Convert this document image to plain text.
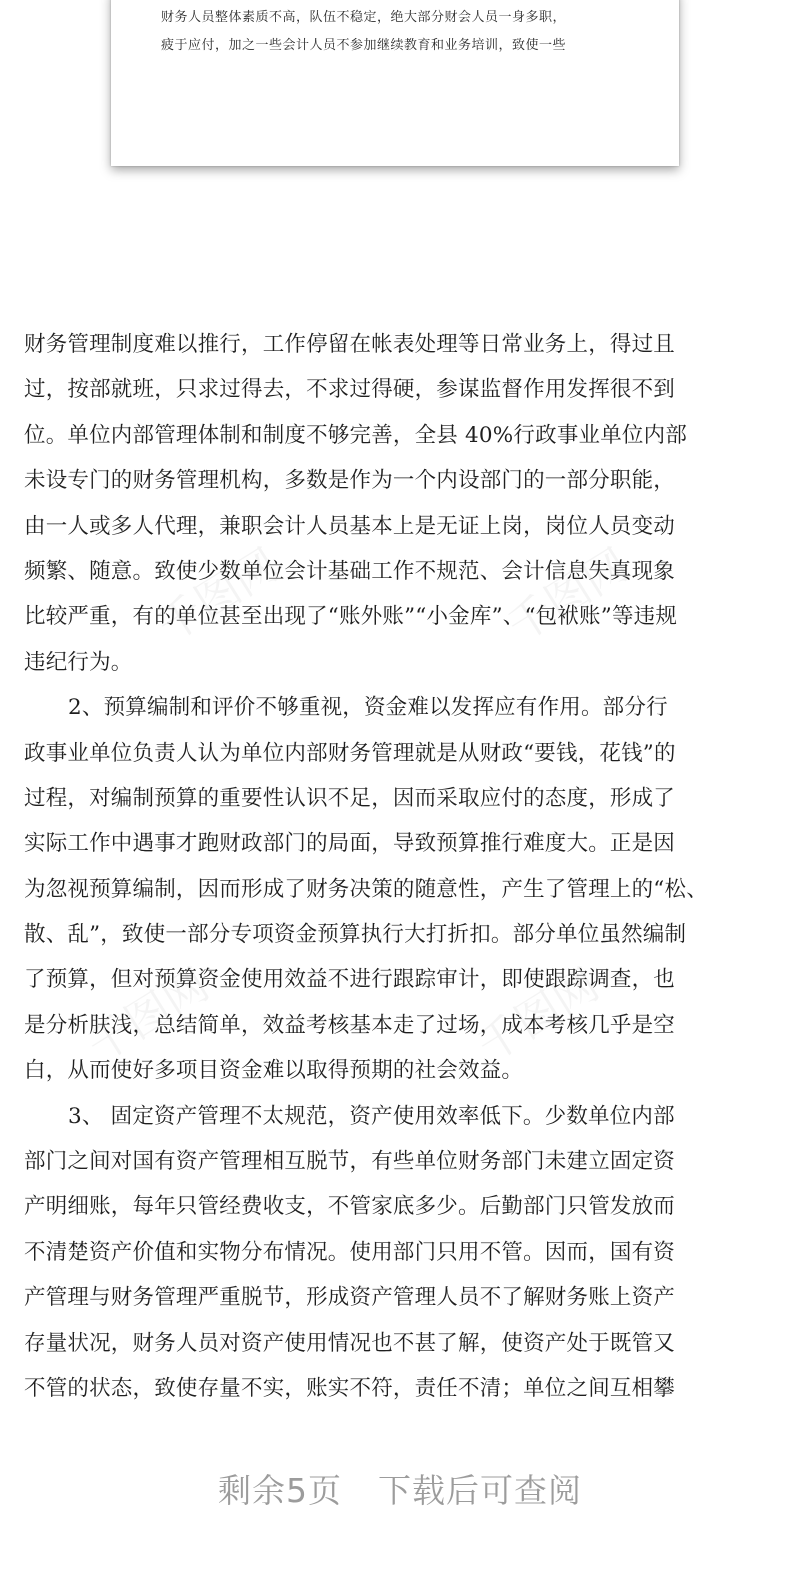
财务人员整体素质不高，队伍不稳定，绝大部分财会人员一身多职，
疲于应付，加之一些会计人员不参加继续教育和业务培训，致使一些
千图网	千图网
千图网	千图网
财务管理制度难以推行，工作停留在帐表处理等日常业务上，得过且
过，按部就班，只求过得去，不求过得硬，参谋监督作用发挥很不到
位。单位内部管理体制和制度不够完善，全县 40%行政事业单位内部
未设专门的财务管理机构，多数是作为一个内设部门的一部分职能，
由一人或多人代理，兼职会计人员基本上是无证上岗，岗位人员变动
频繁、随意。致使少数单位会计基础工作不规范、会计信息失真现象
比较严重，有的单位甚至出现了“账外账”“小金库”、“包袱账”等违规
违纪行为。
2、预算编制和评价不够重视，资金难以发挥应有作用。部分行
政事业单位负责人认为单位内部财务管理就是从财政“要钱，花钱”的
过程，对编制预算的重要性认识不足，因而采取应付的态度，形成了
实际工作中遇事才跑财政部门的局面，导致预算推行难度大。正是因
为忽视预算编制，因而形成了财务决策的随意性，产生了管理上的“松、
散、乱”，致使一部分专项资金预算执行大打折扣。部分单位虽然编制
了预算，但对预算资金使用效益不进行跟踪审计，即使跟踪调查，也
是分析肤浅，总结简单，效益考核基本走了过场，成本考核几乎是空
白，从而使好多项目资金难以取得预期的社会效益。
3、 固定资产管理不太规范，资产使用效率低下。少数单位内部
部门之间对国有资产管理相互脱节，有些单位财务部门未建立固定资
产明细账，每年只管经费收支，不管家底多少。后勤部门只管发放而
不清楚资产价值和实物分布情况。使用部门只用不管。因而，国有资
产管理与财务管理严重脱节，形成资产管理人员不了解财务账上资产
存量状况，财务人员对资产使用情况也不甚了解，使资产处于既管又
不管的状态，致使存量不实，账实不符，责任不清；单位之间互相攀
剩余5页 下载后可查阅
